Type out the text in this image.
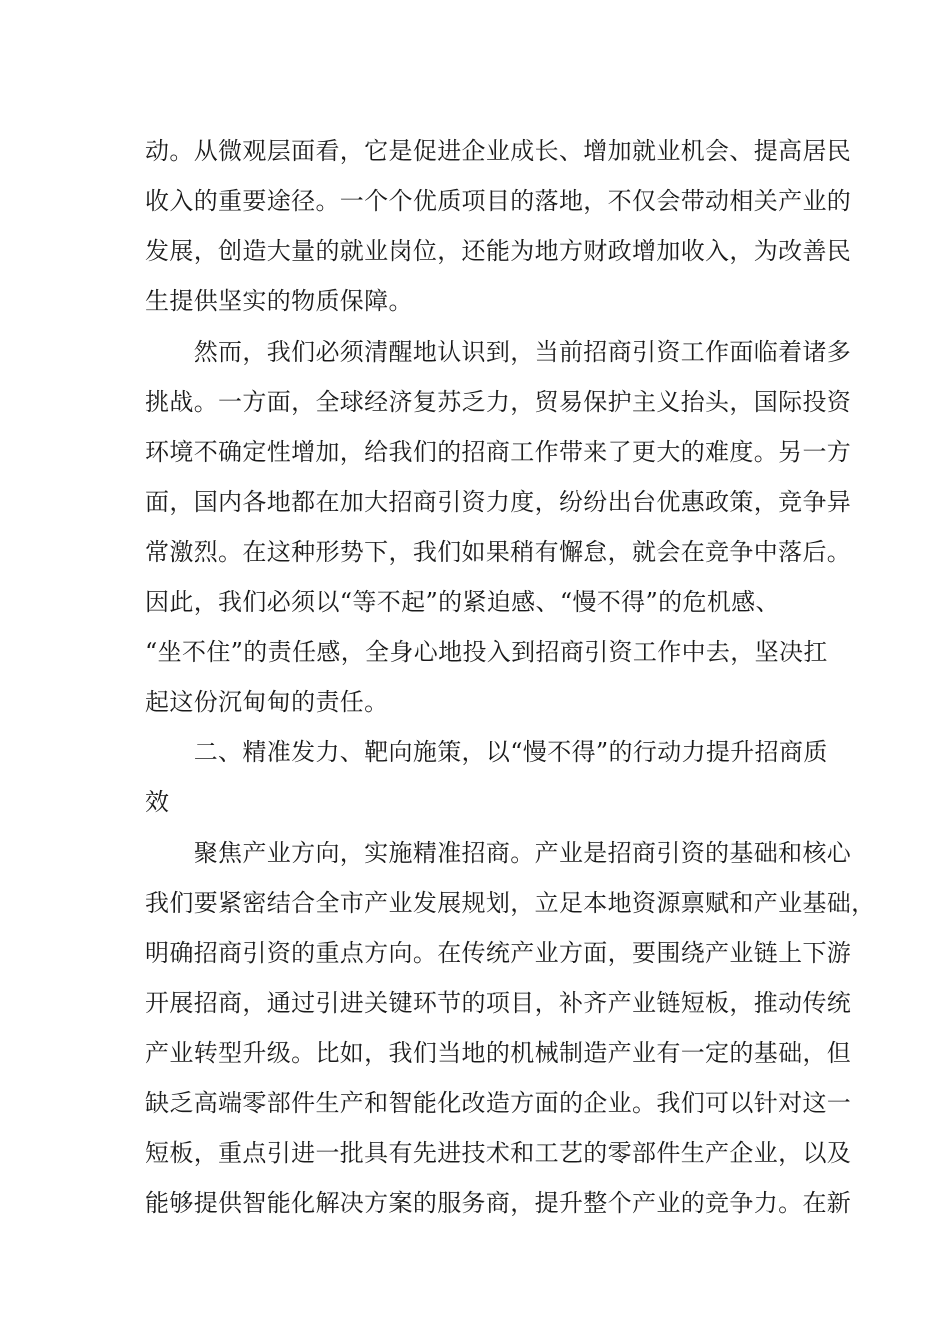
动。从微观层面看，它是促进企业成长、增加就业机会、提高居民
收入的重要途径。一个个优质项目的落地，不仅会带动相关产业的
发展，创造大量的就业岗位，还能为地方财政增加收入，为改善民
生提供坚实的物质保障。
　　然而，我们必须清醒地认识到，当前招商引资工作面临着诸多
挑战。一方面，全球经济复苏乏力，贸易保护主义抬头，国际投资
环境不确定性增加，给我们的招商工作带来了更大的难度。另一方
面，国内各地都在加大招商引资力度，纷纷出台优惠政策，竞争异
常激烈。在这种形势下，我们如果稍有懈怠，就会在竞争中落后。
因此，我们必须以“等不起”的紧迫感、“慢不得”的危机感、
“坐不住”的责任感，全身心地投入到招商引资工作中去，坚决扛
起这份沉甸甸的责任。
　　二、精准发力、靶向施策，以“慢不得”的行动力提升招商质
效
　　聚焦产业方向，实施精准招商。产业是招商引资的基础和核心
我们要紧密结合全市产业发展规划，立足本地资源禀赋和产业基础，
明确招商引资的重点方向。在传统产业方面，要围绕产业链上下游
开展招商，通过引进关键环节的项目，补齐产业链短板，推动传统
产业转型升级。比如，我们当地的机械制造产业有一定的基础，但
缺乏高端零部件生产和智能化改造方面的企业。我们可以针对这一
短板，重点引进一批具有先进技术和工艺的零部件生产企业，以及
能够提供智能化解决方案的服务商，提升整个产业的竞争力。在新
